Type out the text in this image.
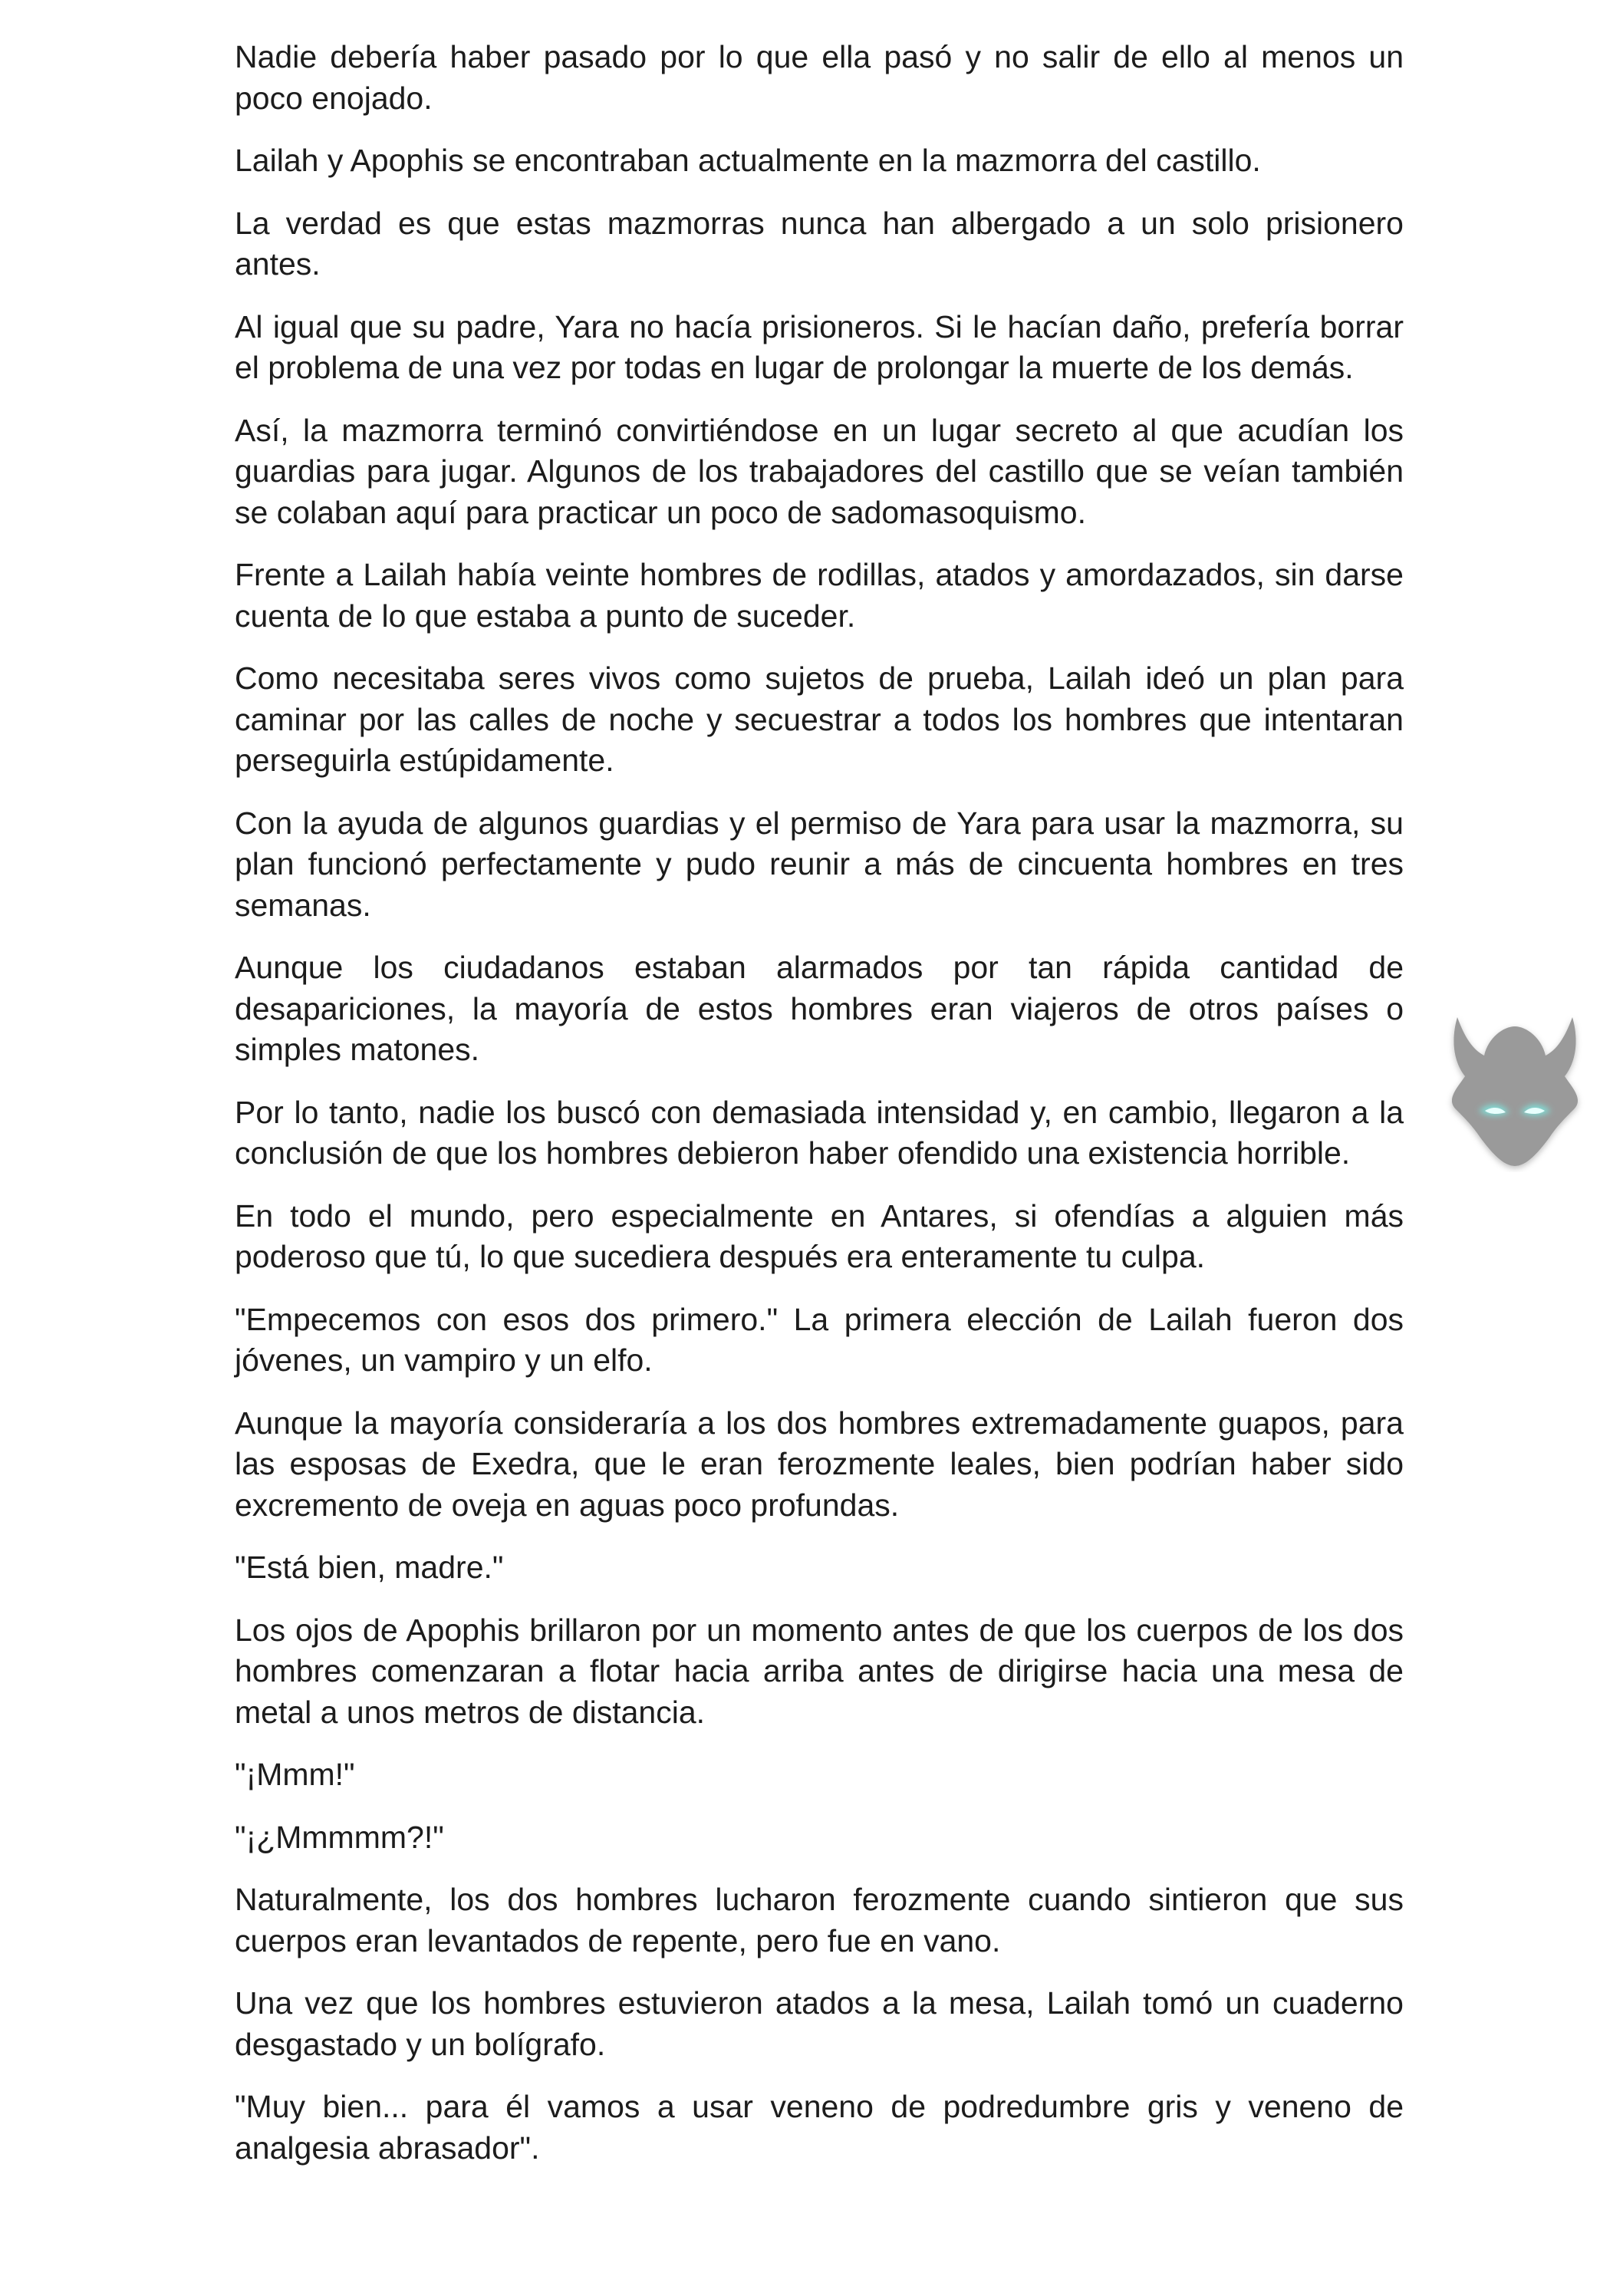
Nadie debería haber pasado por lo que ella pasó y no salir de ello al menos un poco enojado.

Lailah y Apophis se encontraban actualmente en la mazmorra del castillo.

La verdad es que estas mazmorras nunca han albergado a un solo prisionero antes.

Al igual que su padre, Yara no hacía prisioneros. Si le hacían daño, prefería borrar el problema de una vez por todas en lugar de prolongar la muerte de los demás.

Así, la mazmorra terminó convirtiéndose en un lugar secreto al que acudían los guardias para jugar. Algunos de los trabajadores del castillo que se veían también se colaban aquí para practicar un poco de sadomasoquismo.

Frente a Lailah había veinte hombres de rodillas, atados y amordazados, sin darse cuenta de lo que estaba a punto de suceder.

Como necesitaba seres vivos como sujetos de prueba, Lailah ideó un plan para caminar por las calles de noche y secuestrar a todos los hombres que intentaran perseguirla estúpidamente.

Con la ayuda de algunos guardias y el permiso de Yara para usar la mazmorra, su plan funcionó perfectamente y pudo reunir a más de cincuenta hombres en tres semanas.

Aunque los ciudadanos estaban alarmados por tan rápida cantidad de desapariciones, la mayoría de estos hombres eran viajeros de otros países o simples matones.

Por lo tanto, nadie los buscó con demasiada intensidad y, en cambio, llegaron a la conclusión de que los hombres debieron haber ofendido una existencia horrible.

En todo el mundo, pero especialmente en Antares, si ofendías a alguien más poderoso que tú, lo que sucediera después era enteramente tu culpa.

"Empecemos con esos dos primero." La primera elección de Lailah fueron dos jóvenes, un vampiro y un elfo.

Aunque la mayoría consideraría a los dos hombres extremadamente guapos, para las esposas de Exedra, que le eran ferozmente leales, bien podrían haber sido excremento de oveja en aguas poco profundas.

"Está bien, madre."

Los ojos de Apophis brillaron por un momento antes de que los cuerpos de los dos hombres comenzaran a flotar hacia arriba antes de dirigirse hacia una mesa de metal a unos metros de distancia.

"¡Mmm!"

"¡¿Mmmmm?!"

Naturalmente, los dos hombres lucharon ferozmente cuando sintieron que sus cuerpos eran levantados de repente, pero fue en vano.

Una vez que los hombres estuvieron atados a la mesa, Lailah tomó un cuaderno desgastado y un bolígrafo.

"Muy bien... para él vamos a usar veneno de podredumbre gris y veneno de analgesia abrasador".
